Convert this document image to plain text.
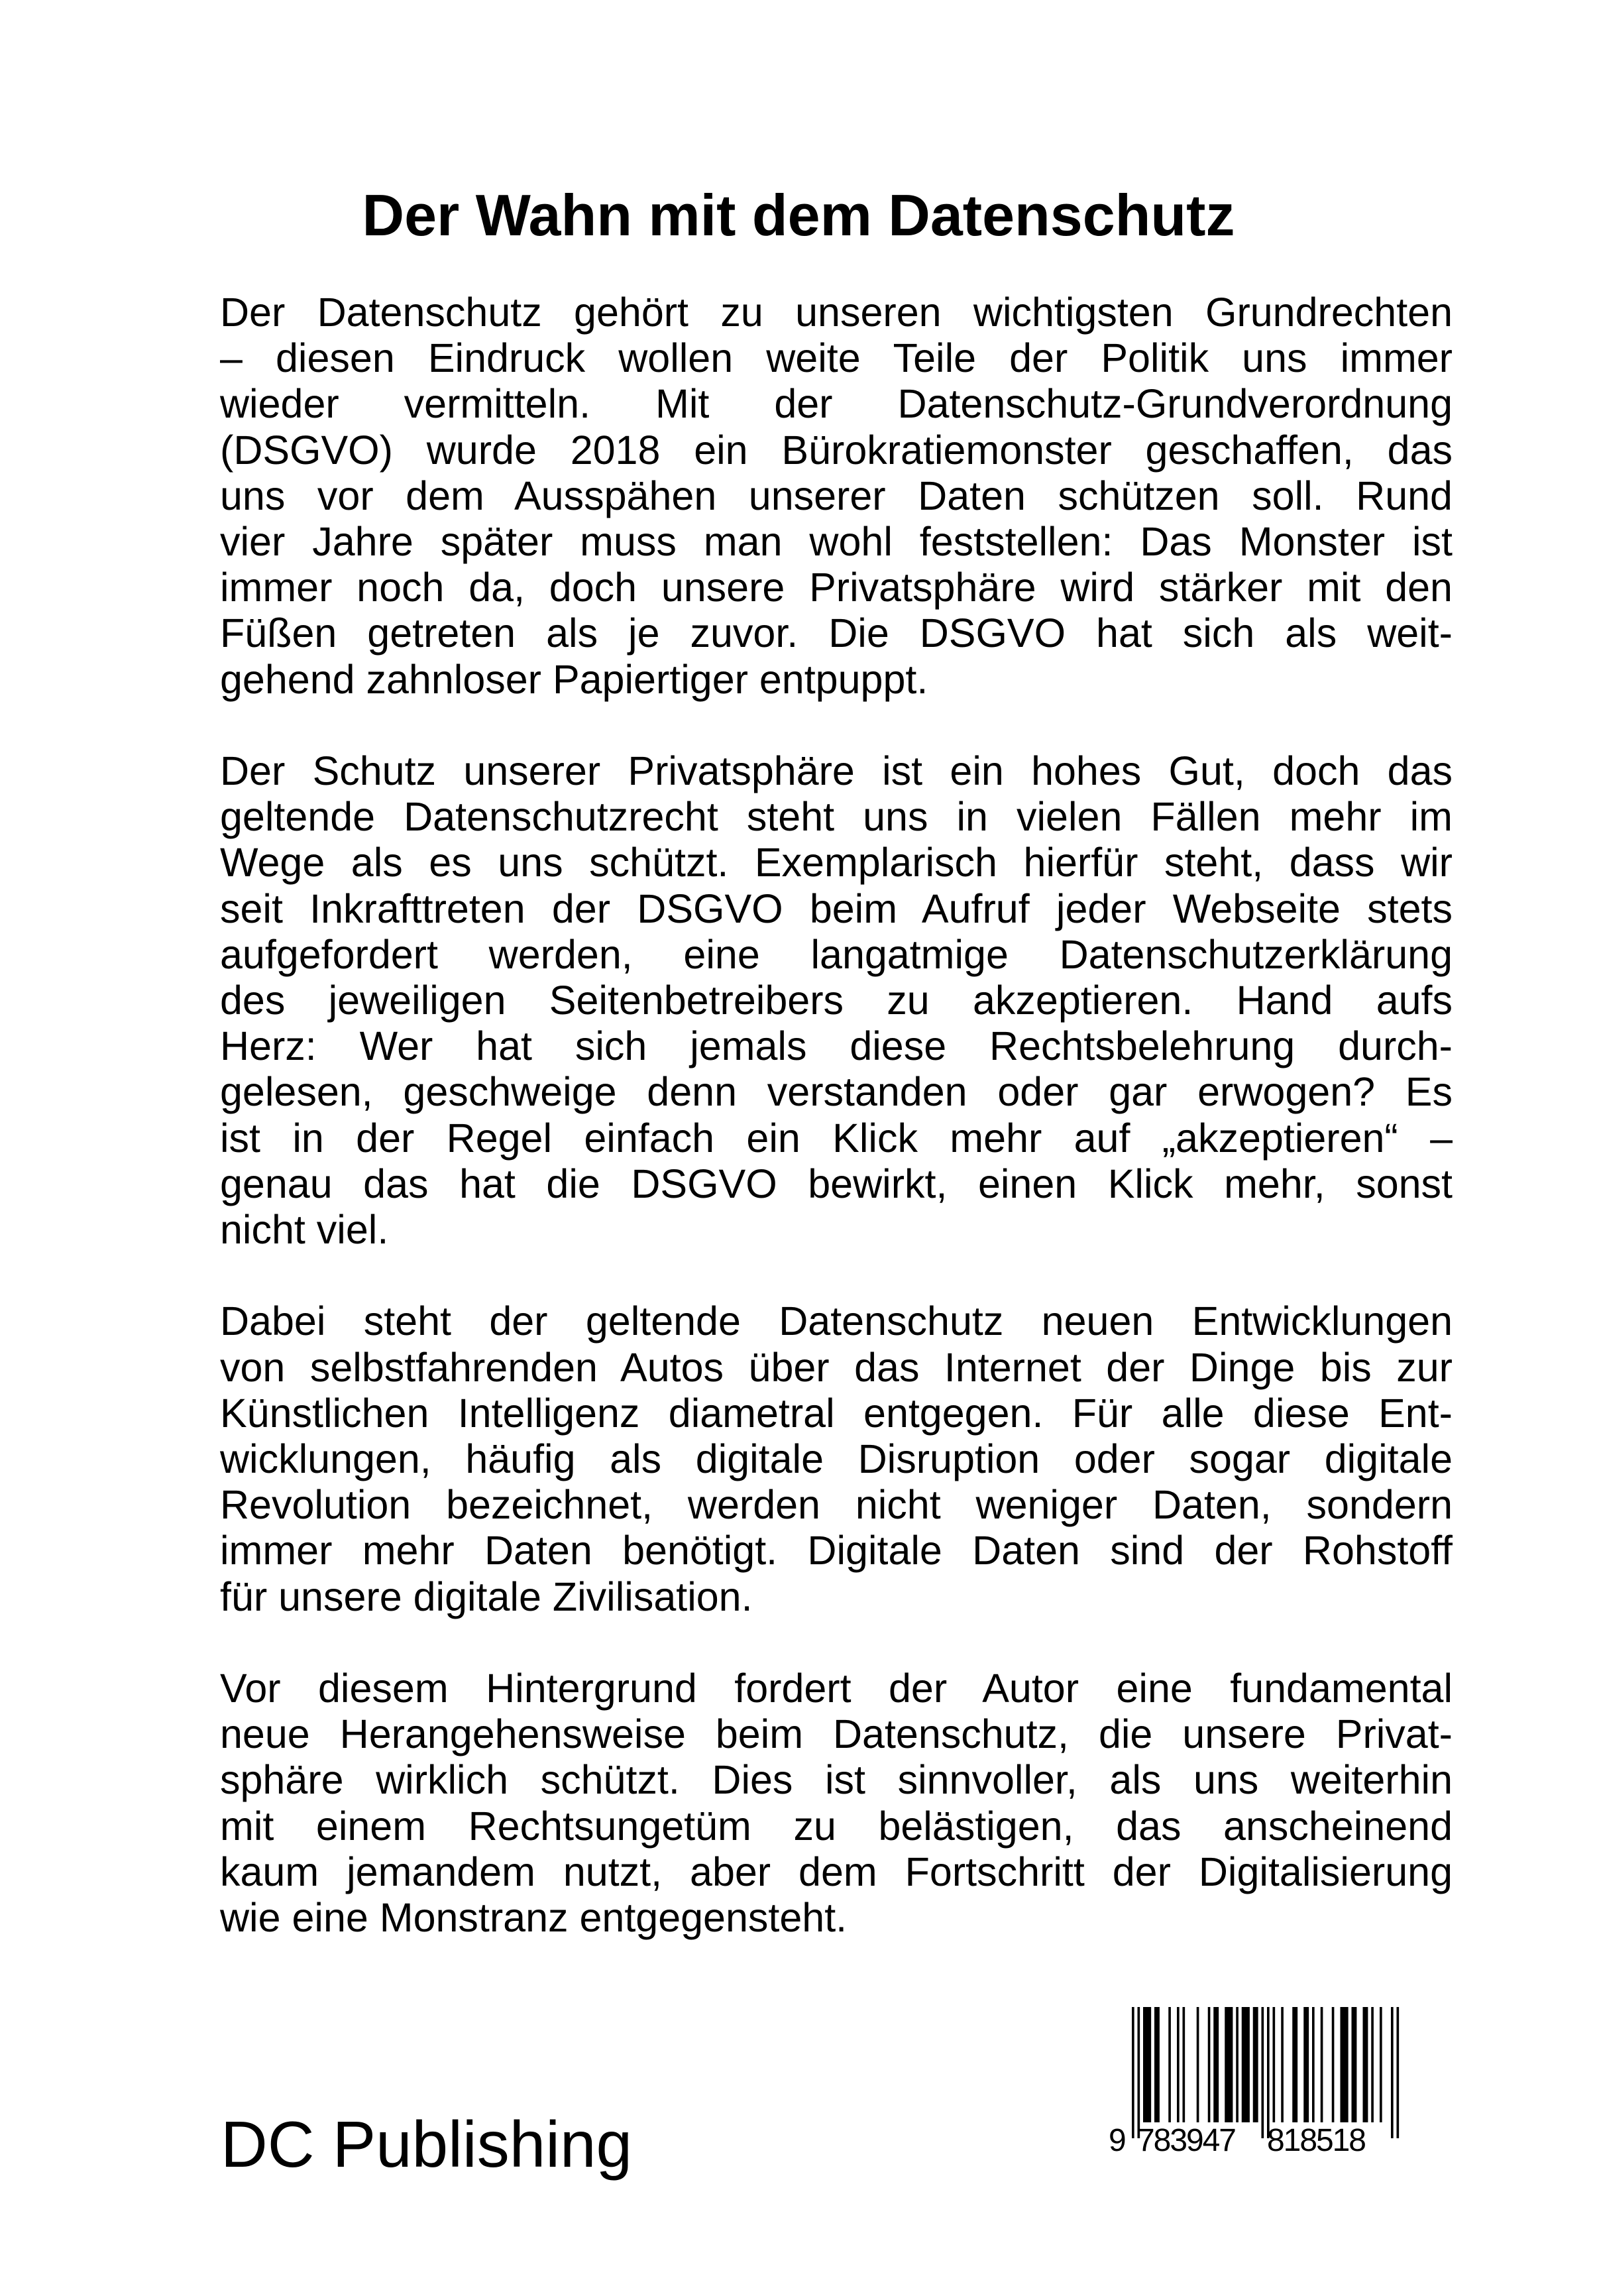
Der Wahn mit dem Datenschutz

Der Datenschutz gehört zu unseren wichtigsten Grundrechten
– diesen Eindruck wollen weite Teile der Politik uns immer
wieder vermitteln. Mit der Datenschutz-Grundverordnung
(DSGVO) wurde 2018 ein Bürokratiemonster geschaffen, das
uns vor dem Ausspähen unserer Daten schützen soll. Rund
vier Jahre später muss man wohl feststellen: Das Monster ist
immer noch da, doch unsere Privatsphäre wird stärker mit den
Füßen getreten als je zuvor. Die DSGVO hat sich als weit-
gehend zahnloser Papiertiger entpuppt.

Der Schutz unserer Privatsphäre ist ein hohes Gut, doch das
geltende Datenschutzrecht steht uns in vielen Fällen mehr im
Wege als es uns schützt. Exemplarisch hierfür steht, dass wir
seit Inkrafttreten der DSGVO beim Aufruf jeder Webseite stets
aufgefordert werden, eine langatmige Datenschutzerklärung
des jeweiligen Seitenbetreibers zu akzeptieren. Hand aufs
Herz: Wer hat sich jemals diese Rechtsbelehrung durch-
gelesen, geschweige denn verstanden oder gar erwogen? Es
ist in der Regel einfach ein Klick mehr auf „akzeptieren“ –
genau das hat die DSGVO bewirkt, einen Klick mehr, sonst
nicht viel.

Dabei steht der geltende Datenschutz neuen Entwicklungen
von selbstfahrenden Autos über das Internet der Dinge bis zur
Künstlichen Intelligenz diametral entgegen. Für alle diese Ent-
wicklungen, häufig als digitale Disruption oder sogar digitale
Revolution bezeichnet, werden nicht weniger Daten, sondern
immer mehr Daten benötigt. Digitale Daten sind der Rohstoff
für unsere digitale Zivilisation.

Vor diesem Hintergrund fordert der Autor eine fundamental
neue Herangehensweise beim Datenschutz, die unsere Privat-
sphäre wirklich schützt. Dies ist sinnvoller, als uns weiterhin
mit einem Rechtsungetüm zu belästigen, das anscheinend
kaum jemandem nutzt, aber dem Fortschritt der Digitalisierung
wie eine Monstranz entgegensteht.

DC Publishing	9 783947 818518
